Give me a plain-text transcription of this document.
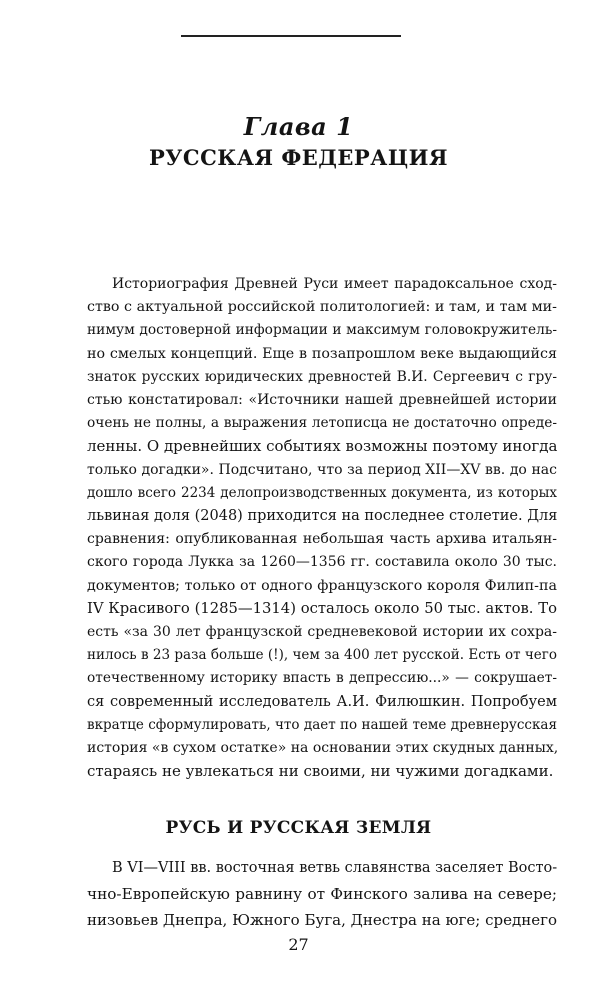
Глава 1
РУССКАЯ ФЕДЕРАЦИЯ
Историография Древней Руси имеет парадоксальное сход-
ство с актуальной российской политологией: и там, и там ми-
нимум достоверной информации и максимум головокружитель-
но смелых концепций. Еще в позапрошлом веке выдающийся
знаток русских юридических древностей В.И. Сергеевич с гру-
стью констатировал: «Источники нашей древнейшей истории
очень не полны, а выражения летописца не достаточно опреде-
ленны. О древнейших событиях возможны поэтому иногда
только догадки». Подсчитано, что за период XII—XV вв. до нас
дошло всего 2234 делопроизводственных документа, из которых
львиная доля (2048) приходится на последнее столетие. Для
сравнения: опубликованная небольшая часть архива итальян-
ского города Лукка за 1260—1356 гг. составила около 30 тыс.
документов; только от одного французского короля Филип-па
IV Красивого (1285—1314) осталось около 50 тыс. актов. То
есть «за 30 лет французской средневековой истории их сохра-
нилось в 23 раза больше (!), чем за 400 лет русской. Есть от чего
отечественному историку впасть в депрессию...» — сокрушает-
ся современный исследователь А.И. Филюшкин. Попробуем
вкратце сформулировать, что дает по нашей теме древнерусская
история «в сухом остатке» на основании этих скудных данных,
стараясь не увлекаться ни своими, ни чужими догадками.
РУСЬ И РУССКАЯ ЗЕМЛЯ
В VI—VIII вв. восточная ветвь славянства заселяет Восто-
чно-Европейскую равнину от Финского залива на севере;
низовьев Днепра, Южного Буга, Днестра на юге; среднего
27
